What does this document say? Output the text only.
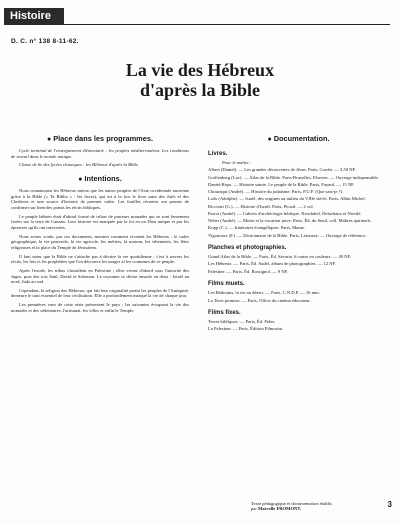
Histoire
D. C. n° 138 8-11-62.
La vie des Hébreux
d'après la Bible
● Place dans les programmes.

Cycle terminal de l'enseignement élémentaire : les peuples méditerranéens. Les conditions de travail dans le monde antique.

Classe de 6e des lycées classiques : les Hébreux d'après la Bible.

● Intentions.

Nous connaissons les Hébreux mieux que les autres peuples de l'Asie occidentale ancienne grâce à la Bible (« Ta Biblia » : les livres), qui est à la fois le livre saint des Juifs et des Chrétiens et une source d'histoire de premier ordre. Les fouilles récentes ont permis de confirmer sur bien des points les récits bibliques.

Le peuple hébreu était d'abord formé de tribus de pasteurs nomades qui se sont lentement fixées sur la terre de Canaan. Leur histoire est marquée par la foi en un Dieu unique et par les épreuves qu'ils ont traversées.

Nous avons voulu, par ces documents, montrer comment vivaient les Hébreux : le cadre géographique, la vie pastorale, la vie agricole, les métiers, la maison, les vêtements, les fêtes religieuses et la place du Temple de Jérusalem.

Il faut noter que la Bible ne s'attache pas à décrire la vie quotidienne ; c'est à travers les récits, les lois et les prophéties que l'on découvre les usages et les coutumes de ce peuple.

Après l'exode, les tribus s'installent en Palestine ; elles vivent d'abord sous l'autorité des Juges, puis des rois Saül, David et Salomon. Le royaume se divise ensuite en deux : Israël au nord, Juda au sud.

Cependant, la religion des Hébreux, qui fait leur originalité parmi les peuples de l'Antiquité, demeure le trait essentiel de leur civilisation. Elle a profondément marqué la vie de chaque jour.

Les premières vues de cette série présentent le pays ; les suivantes évoquent la vie des nomades et des sédentaires, l'artisanat, les villes et enfin le Temple.

● Documentation.
Livres.
Pour le maître :
Albert (Daniel). — Les grandes découvertes de Jésus. Paris, Corrêa. — 3,50 NF.
Grollenberg (Luc). — Atlas de la Bible. Paris-Bruxelles, Elsevier. — Ouvrage indispensable.
Daniel-Rops. — Histoire sainte. Le peuple de la Bible. Paris, Fayard. — 15 NF.
Chouraqui (André). — Histoire du judaïsme. Paris, P.U.F. (Que sais-je ?).
Lods (Adolphe). — Israël, des origines au milieu du VIIIe siècle. Paris, Albin Michel.
Ricciotti (G.). — Histoire d'Israël. Paris, Picard. — 2 vol.
Parrot (André). — Cahiers d'archéologie biblique. Neuchâtel, Delachaux et Niestlé.
Neher (André). — Moïse et la vocation juive. Paris, Éd. du Seuil, coll. Maîtres spirituels.
Kopp (C.). — Itinéraires évangéliques. Paris, Mame.
Vigouroux (F.). — Dictionnaire de la Bible. Paris, Letouzey. — Ouvrage de référence.
Planches et photographies.
Grand Atlas de la Bible. — Paris, Éd. Sécuria. 6 cartes en couleurs. — 49 NF.
Les Hébreux. — Paris, Éd. Sudel, album de photographies. — 12 NF.
Palestine. — Paris, Éd. Rossignol. — 9 NF.
Films muets.
Les Bédouins, la vie au désert. — Paris, C.N.D.P. — 16 mm.
La Terre promise. — Paris, Office du cinéma éducateur.
Films fixes.
Terres bibliques. — Paris, Éd. Fides.
La Palestine. — Paris, Édition Filmostat.
Texte pédagogique et documentation établis
par Marcelle FROMONT.	3
